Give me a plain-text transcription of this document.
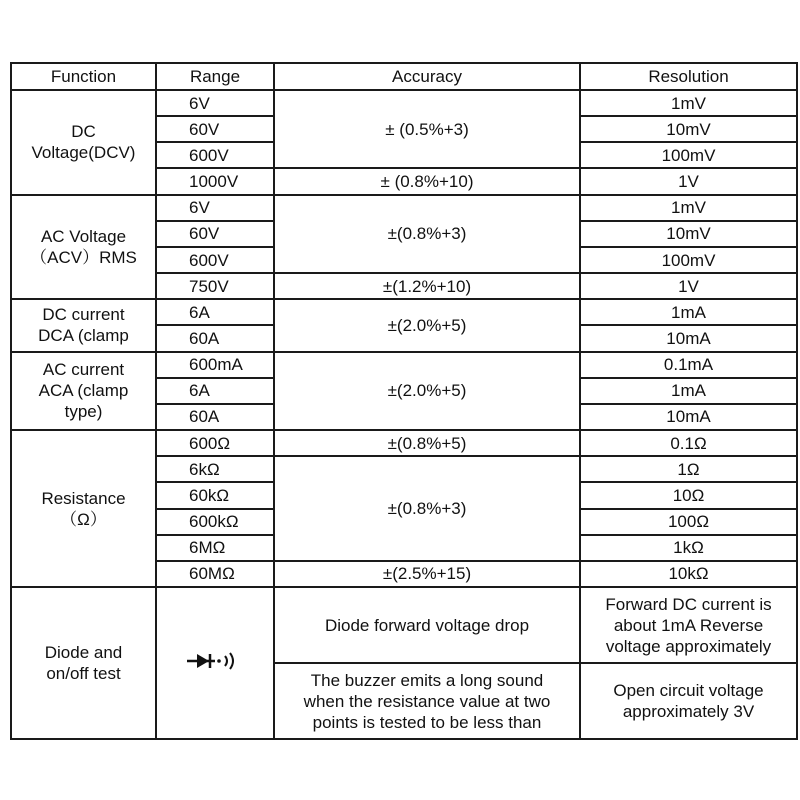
Function	Range	Accuracy	Resolution
DC
Voltage(DCV)	6V	± (0.5%+3)	1mV
	60V		10mV
	600V		100mV
	1000V	± (0.8%+10)	1V
AC Voltage
（ACV）RMS	6V	±(0.8%+3)	1mV
	60V		10mV
	600V		100mV
	750V	±(1.2%+10)	1V
DC current
DCA (clamp	6A	±(2.0%+5)	1mA
	60A		10mA
AC current
ACA (clamp
type)	600mA	±(2.0%+5)	0.1mA
	6A		1mA
	60A		10mA
Resistance
（Ω）	600Ω	±(0.8%+5)	0.1Ω
	6kΩ	±(0.8%+3)	1Ω
	60kΩ		10Ω
	600kΩ		100Ω
	6MΩ		1kΩ
	60MΩ	±(2.5%+15)	10kΩ
Diode and
on/off test		Diode forward voltage drop	Forward DC current is
about 1mA Reverse
voltage approximately
		The buzzer emits a long sound
when the resistance value at two
points is tested to be less than	Open circuit voltage
approximately 3V
